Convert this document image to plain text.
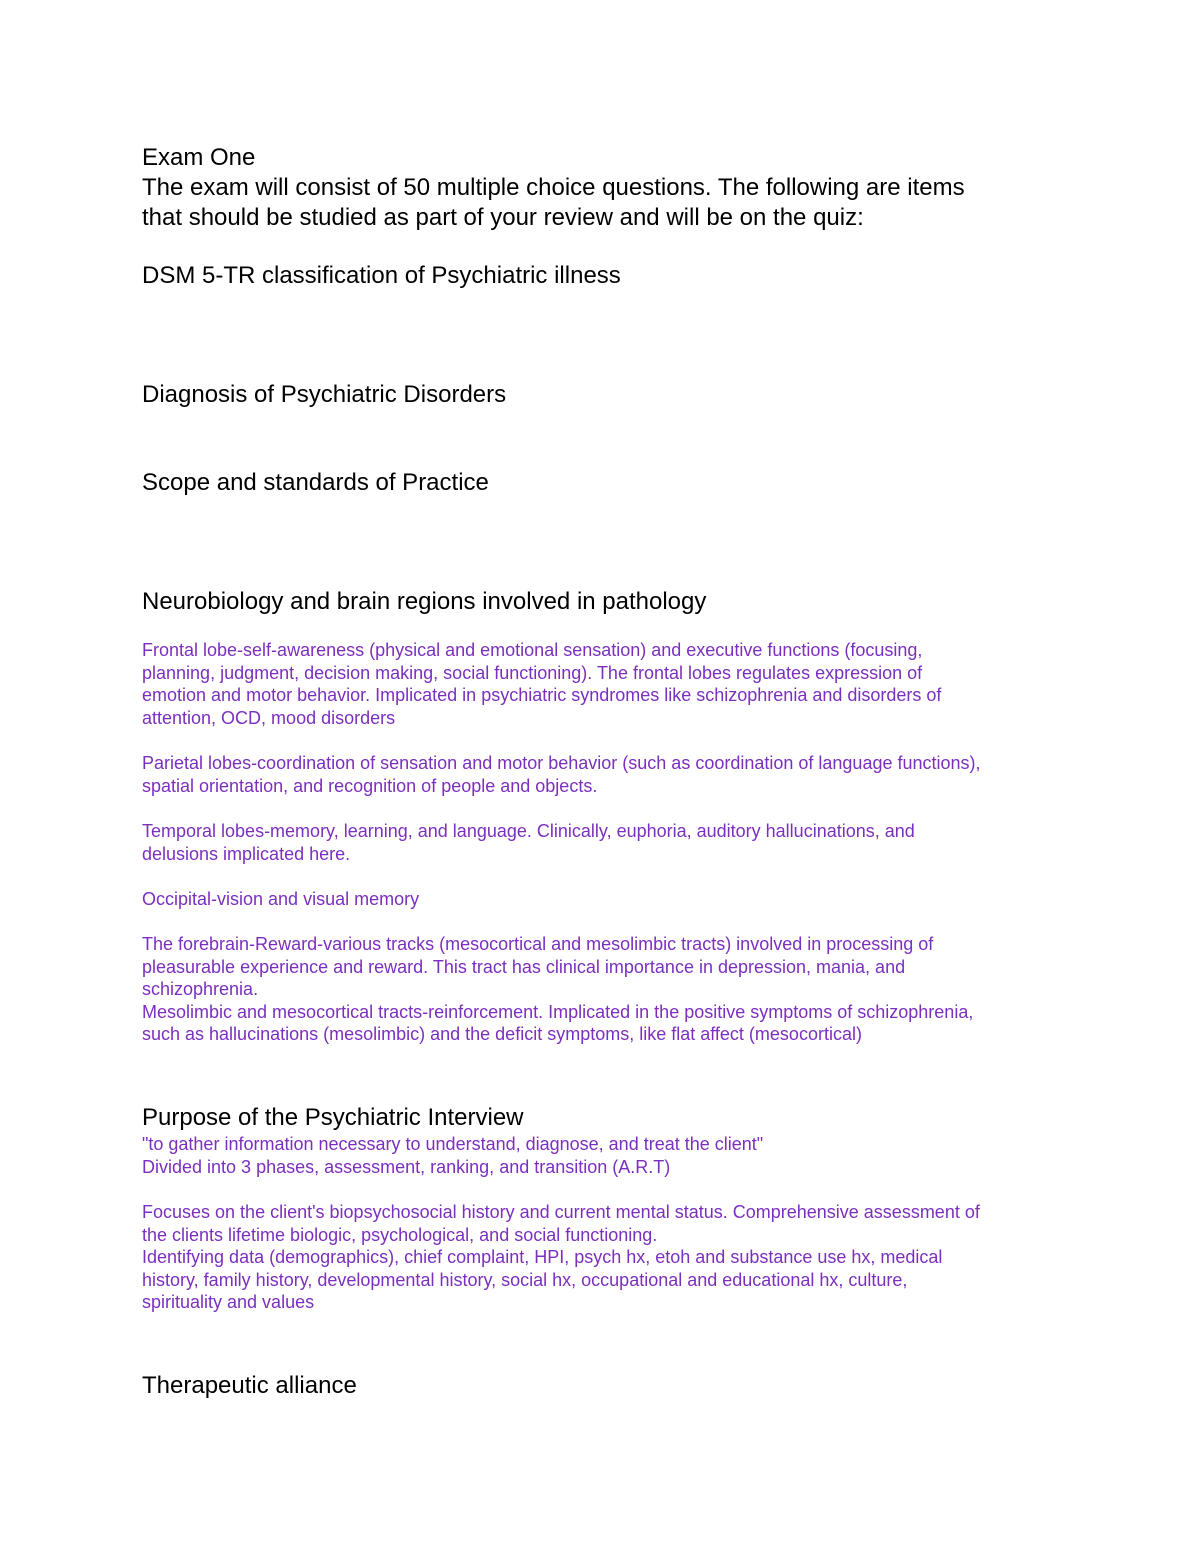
Exam One
The exam will consist of 50 multiple choice questions. The following are items
that should be studied as part of your review and will be on the quiz:
DSM 5-TR classification of Psychiatric illness
Diagnosis of Psychiatric Disorders
Scope and standards of Practice
Neurobiology and brain regions involved in pathology
Frontal lobe-self-awareness (physical and emotional sensation) and executive functions (focusing,
planning, judgment, decision making, social functioning). The frontal lobes regulates expression of
emotion and motor behavior. Implicated in psychiatric syndromes like schizophrenia and disorders of
attention, OCD, mood disorders
Parietal lobes-coordination of sensation and motor behavior (such as coordination of language functions),
spatial orientation, and recognition of people and objects.
Temporal lobes-memory, learning, and language. Clinically, euphoria, auditory hallucinations, and
delusions implicated here.
Occipital-vision and visual memory
The forebrain-Reward-various tracks (mesocortical and mesolimbic tracts) involved in processing of
pleasurable experience and reward. This tract has clinical importance in depression, mania, and
schizophrenia.
Mesolimbic and mesocortical tracts-reinforcement. Implicated in the positive symptoms of schizophrenia,
such as hallucinations (mesolimbic) and the deficit symptoms, like flat affect (mesocortical)
Purpose of the Psychiatric Interview
"to gather information necessary to understand, diagnose, and treat the client"
Divided into 3 phases, assessment, ranking, and transition (A.R.T)
Focuses on the client's biopsychosocial history and current mental status. Comprehensive assessment of
the clients lifetime biologic, psychological, and social functioning.
Identifying data (demographics), chief complaint, HPI, psych hx, etoh and substance use hx, medical
history, family history, developmental history, social hx, occupational and educational hx, culture,
spirituality and values
Therapeutic alliance
